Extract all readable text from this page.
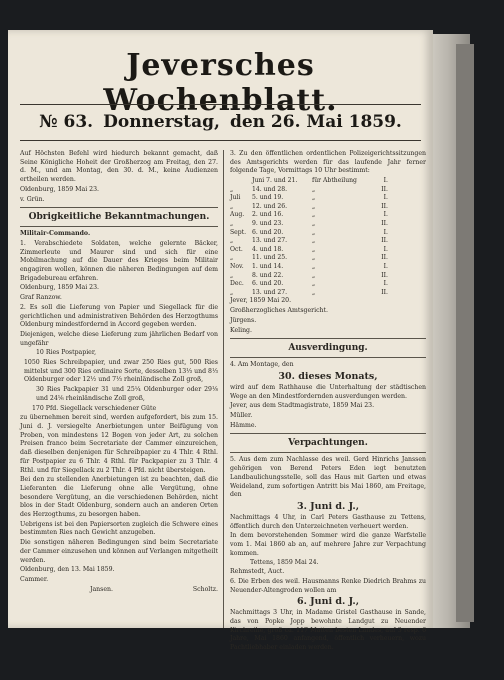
Jeversches Wochenblatt.
№ 63. Donnerstag, den 26. Mai 1859.

Auf Höchsten Befehl wird hiedurch bekannt gemacht, daß Seine Königliche Hoheit der Großherzog am Freitag, den 27. d. M., und am Montag, den 30. d. M., keine Audienzen ertheilen werden.

Oldenburg, 1859 Mai 23.

v. Grün.

Obrigkeitliche Bekanntmachungen.

Militair-Commando.

1. Verabschiedete Soldaten, welche gelernte Bäcker, Zimmerleute und Maurer sind und sich für eine Mobilmachung auf die Dauer des Krieges beim Militair engagiren wollen, können die näheren Bedingungen auf dem Brigadebureau erfahren.

Oldenburg, 1859 Mai 23.

Graf Ranzow.

2. Es soll die Lieferung von Papier und Siegellack für die gerichtlichen und administrativen Behörden des Herzogthums Oldenburg mindestfordernd in Accord gegeben werden.

Diejenigen, welche diese Lieferung zum jährlichen Bedarf von ungefähr

10 Ries Postpapier,

1050 Ries Schreibpapier, und zwar 250 Ries gut, 500 Ries mittelst und 300 Ries ordinaire Sorte, desselben 13⅓ und 8⅓ Oldenburger oder 12½ und 7⅓ rheinländische Zoll groß,

30 Ries Packpapier 31 und 25¼ Oldenburger oder 29⅛ und 24⅙ rheinländische Zoll groß,

170 Pfd. Siegellack verschiedener Güte

zu übernehmen bereit sind, werden aufgefordert, bis zum 15. Juni d. J. versiegelte Anerbietungen unter Beifügung von Proben, von mindestens 12 Bogen von jeder Art, zu solchen Preisen franco beim Secretariate der Cammer einzureichen, daß dieselben denjenigen für Schreibpapier zu 4 Thlr. 4 Rthl. für Postpapier zu 6 Thlr. 4 Rthl. für Packpapier zu 3 Thlr. 4 Rthl. und für Siegellack zu 2 Thlr. 4 Pfd. nicht übersteigen.

Bei den zu stellenden Anerbietungen ist zu beachten, daß die Lieferanten die Lieferung ohne alle Vergütung, ohne besondere Vergütung, an die verschiedenen Behörden, nicht blos in der Stadt Oldenburg, sondern auch an anderen Orten des Herzogthums, zu besorgen haben.

Uebrigens ist bei den Papiersorten zugleich die Schwere eines bestimmten Ries nach Gewicht anzugeben.

Die sonstigen näheren Bedingungen sind beim Secretariate der Cammer einzusehen und können auf Verlangen mitgetheilt werden.

Oldenburg, den 13. Mai 1859.

Cammer.

Jansen.	Scholtz.

3. Zu den öffentlichen ordentlichen Polizeigerichtssitzungen des Amtsgerichts werden für das laufende Jahr ferner folgende Tage, Vormittags 10 Uhr bestimmt:

Juni 7. und 21.	für Abtheilung	I.
„	14. und 28.	„	II.
Juli	5. und 19.	„	I.
„	12. und 26.	„	II.
Aug.	2. und 16.	„	I.
„	9. und 23.	„	II.
Sept. 6. und 20.	„	I.
„	13. und 27.	„	II.
Oct.	4. und 18.	„	I.
„	11. und 25.	„	II.
Nov.	1. und 14.	„	I.
„	8. und 22.	„	II.
Dec.	6. und 20.	„	I.
„	13. und 27.	„	II.

Jever, 1859 Mai 20.

Großherzogliches Amtsgericht.

Jürgens.

Keling.

Ausverdingung.

4. Am Montage, den

30. dieses Monats,

wird auf dem Rathhause die Unterhaltung der städtischen Wege an den Mindestfordernden ausverdungen werden.

Jever, aus dem Stadtmagistrate, 1859 Mai 23.

Müller.

Hämme.

Verpachtungen.

5. Aus dem zum Nachlasse des weil. Gerd Hinrichs Janssen gehörigen von Berend Peters Eden iegt benutzten Landbaulichungsstelle, soll das Haus mit Garten und etwas Weideland, zum sofortigen Antritt bis Mai 1860, am Freitage, den

3. Juni d. J.,

Nachmittags 4 Uhr, in Carl Peters Gasthause zu Tettens, öffentlich durch den Unterzeichneten verheuert werden.

In dem bevorstehenden Sommer wird die ganze Warfstelle vom 1. Mai 1860 ab an, auf mehrere Jahre zur Verpachtung kommen.

Tettens, 1859 Mai 24.

Rehmstedt, Auct.

6. Die Erben des weil. Hausmanns Renke Diedrich Brahms zu Neuender-Altengroden wollen am

6. Juni d. J.,

Nachmittags 3 Uhr, in Madame Gristel Gasthause in Sande, das von Popke Jopp bewohnte Landgut zu Neuender Kirchreihe, groß ca. 117 Matten besten Landes, auf 3 resp. 6 Jahre, Mai 1860 anfangend, öffentlich verheuern, wozu Pachtliebhaber einladen werden.
